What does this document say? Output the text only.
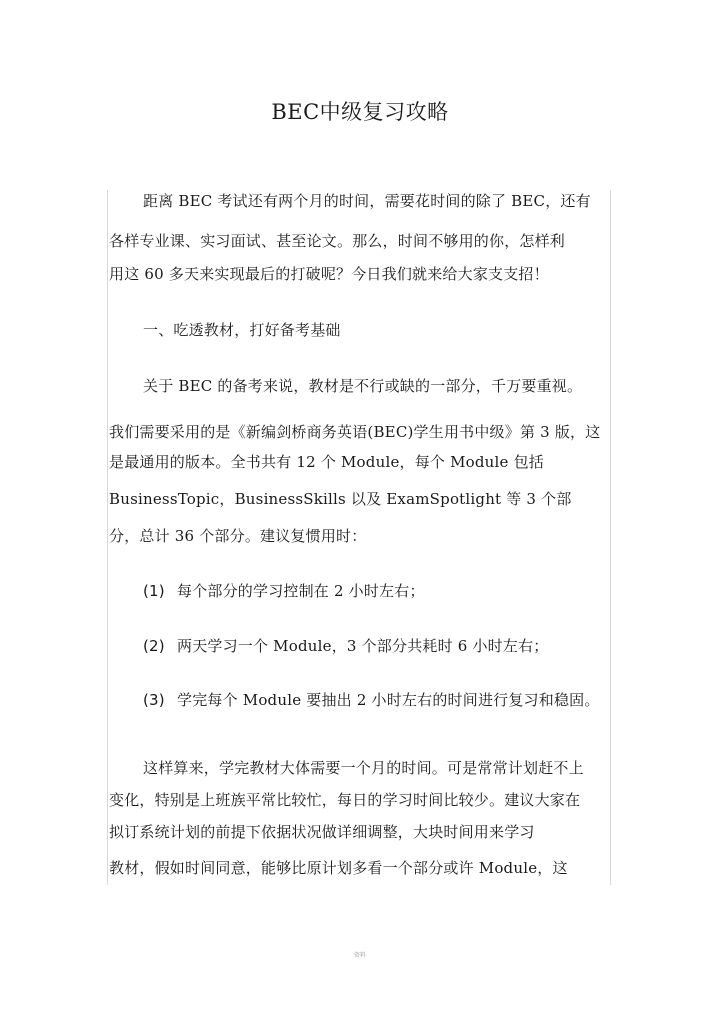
BEC中级复习攻略
距离 BEC 考试还有两个月的时间，需要花时间的除了 BEC，还有
各样专业课、实习面试、甚至论文。那么，时间不够用的你，怎样利
用这 60 多天来实现最后的打破呢？今日我们就来给大家支支招！
一、吃透教材，打好备考基础
关于 BEC 的备考来说，教材是不行或缺的一部分，千万要重视。
我们需要采用的是《新编剑桥商务英语(BEC)学生用书中级》第 3 版，这
是最通用的版本。全书共有 12 个 Module，每个 Module 包括
BusinessTopic，BusinessSkills 以及 ExamSpotlight 等 3 个部
分，总计 36 个部分。建议复惯用时：
(1) 每个部分的学习控制在 2 小时左右；
(2) 两天学习一个 Module，3 个部分共耗时 6 小时左右；
(3) 学完每个 Module 要抽出 2 小时左右的时间进行复习和稳固。
这样算来，学完教材大体需要一个月的时间。可是常常计划赶不上
变化，特别是上班族平常比较忙，每日的学习时间比较少。建议大家在
拟订系统计划的前提下依据状况做详细调整，大块时间用来学习
教材，假如时间同意，能够比原计划多看一个部分或许 Module，这
资料
